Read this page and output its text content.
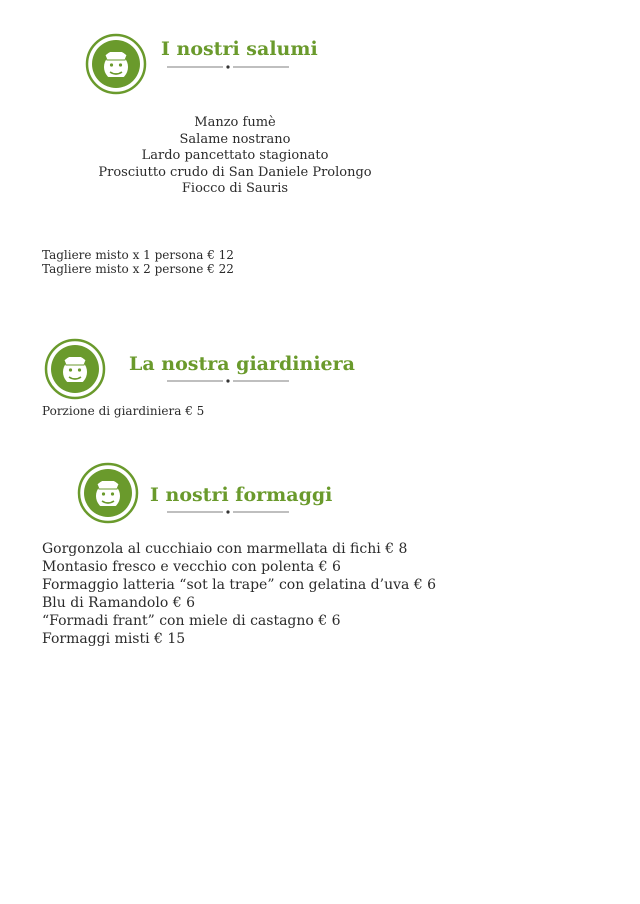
I nostri salumi
Manzo fumè
Salame nostrano
Lardo pancettato stagionato
Prosciutto crudo di San Daniele Prolongo
Fiocco di Sauris
Tagliere misto x 1 persona € 12
Tagliere misto x 2 persone € 22
La nostra giardiniera
Porzione di giardiniera € 5
I nostri formaggi
Gorgonzola al cucchiaio con marmellata di fichi € 8
Montasio fresco e vecchio con polenta € 6
Formaggio latteria “sot la trape” con gelatina d’uva € 6
Blu di Ramandolo € 6
“Formadi frant” con miele di castagno € 6
Formaggi misti € 15
